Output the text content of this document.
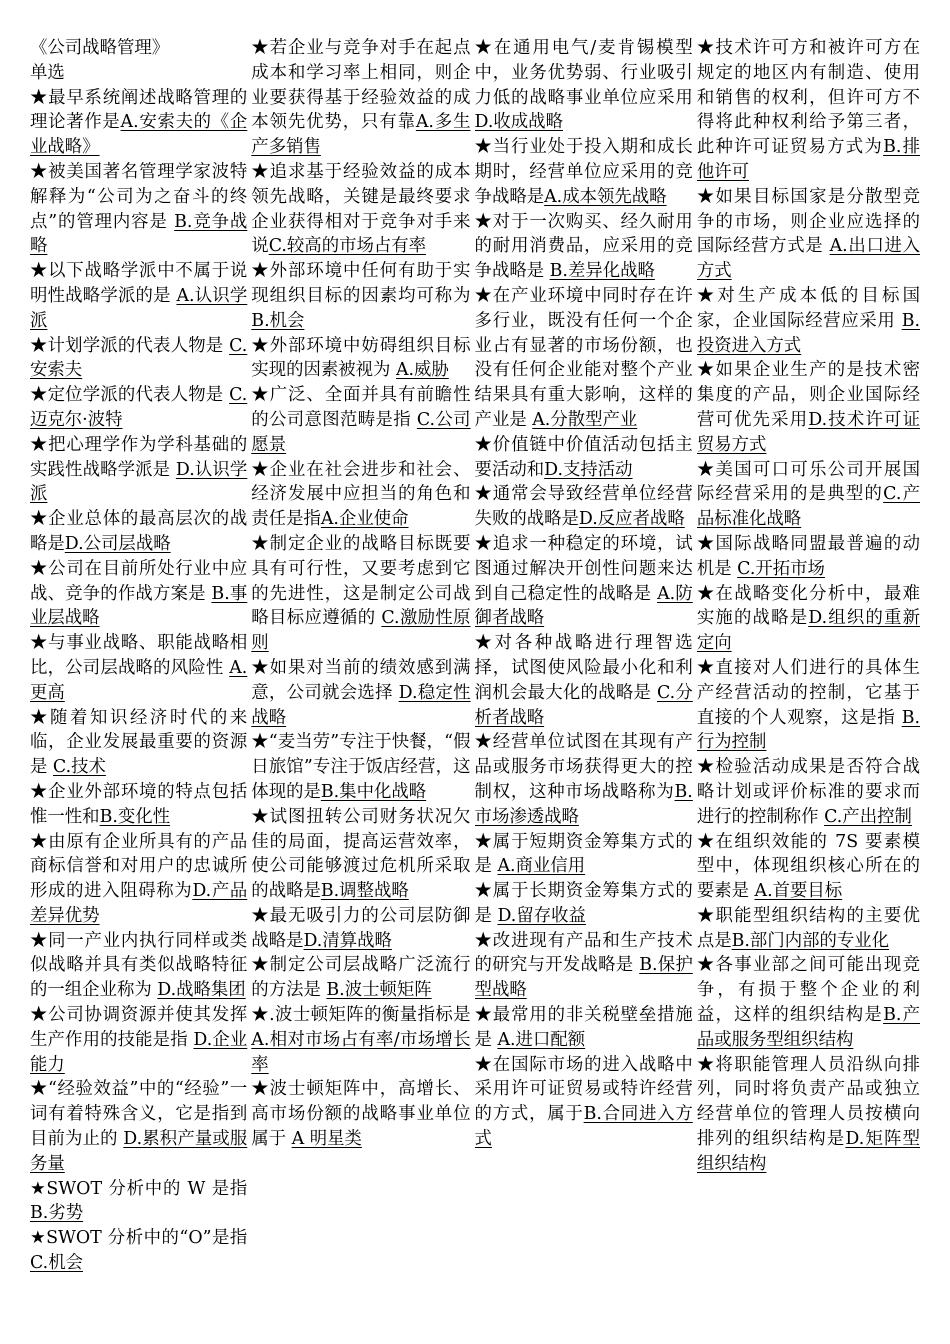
《公司战略管理》
单选
★最早系统阐述战略管理的理论著作是A.安索夫的《企业战略》
★被美国著名管理学家波特解释为“公司为之奋斗的终点”的管理内容是 B.竞争战略
★以下战略学派中不属于说明性战略学派的是 A.认识学派
★计划学派的代表人物是 C.安索夫
★定位学派的代表人物是 C.迈克尔·波特
★把心理学作为学科基础的实践性战略学派是 D.认识学派
★企业总体的最高层次的战略是D.公司层战略
★公司在目前所处行业中应战、竞争的作战方案是 B.事业层战略
★与事业战略、职能战略相比，公司层战略的风险性 A.更高
★随着知识经济时代的来临，企业发展最重要的资源是 C.技术
★企业外部环境的特点包括惟一性和B.变化性
★由原有企业所具有的产品商标信誉和对用户的忠诚所形成的进入阻碍称为D.产品差异优势
★同一产业内执行同样或类似战略并具有类似战略特征的一组企业称为 D.战略集团
★公司协调资源并使其发挥生产作用的技能是指 D.企业能力
★“经验效益”中的“经验”一词有着特殊含义，它是指到目前为止的 D.累积产量或服务量
★SWOT 分析中的 W 是指B.劣势
★SWOT 分析中的“O”是指 C.机会
★若企业与竞争对手在起点成本和学习率上相同，则企业要获得基于经验效益的成本领先优势，只有靠A.多生产多销售
★追求基于经验效益的成本领先战略，关键是最终要求企业获得相对于竞争对手来说C.较高的市场占有率
★外部环境中任何有助于实现组织目标的因素均可称为 B.机会
★外部环境中妨碍组织目标实现的因素被视为 A.威胁
★广泛、全面并具有前瞻性的公司意图范畴是指 C.公司愿景
★企业在社会进步和社会、经济发展中应担当的角色和责任是指A.企业使命
★制定企业的战略目标既要具有可行性，又要考虑到它的先进性，这是制定公司战略目标应遵循的 C.激励性原则
★如果对当前的绩效感到满意，公司就会选择 D.稳定性战略
★“麦当劳”专注于快餐，“假日旅馆”专注于饭店经营，这体现的是B.集中化战略
★试图扭转公司财务状况欠佳的局面，提高运营效率，使公司能够渡过危机所采取的战略是B.调整战略
★最无吸引力的公司层防御战略是D.清算战略
★制定公司层战略广泛流行的方法是 B.波士顿矩阵
★.波士顿矩阵的衡量指标是A.相对市场占有率/市场增长率
★波士顿矩阵中，高增长、高市场份额的战略事业单位属于 A 明星类
★在通用电气/麦肯锡模型中，业务优势弱、行业吸引力低的战略事业单位应采用 D.收成战略
★当行业处于投入期和成长期时，经营单位应采用的竞争战略是A.成本领先战略
★对于一次购买、经久耐用的耐用消费品，应采用的竞争战略是 B.差异化战略
★在产业环境中同时存在许多行业，既没有任何一个企业占有显著的市场份额，也没有任何企业能对整个产业结果具有重大影响，这样的产业是 A.分散型产业
★价值链中价值活动包括主要活动和D.支持活动
★通常会导致经营单位经营失败的战略是D.反应者战略
★追求一种稳定的环境，试图通过解决开创性问题来达到自己稳定性的战略是 A.防御者战略
★对各种战略进行理智选择，试图使风险最小化和利润机会最大化的战略是 C.分析者战略
★经营单位试图在其现有产品或服务市场获得更大的控制权，这种市场战略称为B.市场渗透战略
★属于短期资金筹集方式的是 A.商业信用
★属于长期资金筹集方式的是 D.留存收益
★改进现有产品和生产技术的研究与开发战略是 B.保护型战略
★最常用的非关税壁垒措施是 A.进口配额
★在国际市场的进入战略中采用许可证贸易或特许经营的方式，属于B.合同进入方式
★技术许可方和被许可方在规定的地区内有制造、使用和销售的权利，但许可方不得将此种权利给予第三者，此种许可证贸易方式为B.排他许可
★如果目标国家是分散型竞争的市场，则企业应选择的国际经营方式是 A.出口进入方式
★对生产成本低的目标国家，企业国际经营应采用 B.投资进入方式
★如果企业生产的是技术密集度的产品，则企业国际经营可优先采用D.技术许可证贸易方式
★美国可口可乐公司开展国际经营采用的是典型的C.产品标准化战略
★国际战略同盟最普遍的动机是 C.开拓市场
★在战略变化分析中，最难实施的战略是D.组织的重新定向
★直接对人们进行的具体生产经营活动的控制，它基于直接的个人观察，这是指 B.行为控制
★检验活动成果是否符合战略计划或评价标准的要求而进行的控制称作 C.产出控制
★在组织效能的 7S 要素模型中，体现组织核心所在的要素是 A.首要目标
★职能型组织结构的主要优点是B.部门内部的专业化
★各事业部之间可能出现竞争，有损于整个企业的利益，这样的组织结构是B.产品或服务型组织结构
★将职能管理人员沿纵向排列，同时将负责产品或独立经营单位的管理人员按横向排列的组织结构是D.矩阵型组织结构
